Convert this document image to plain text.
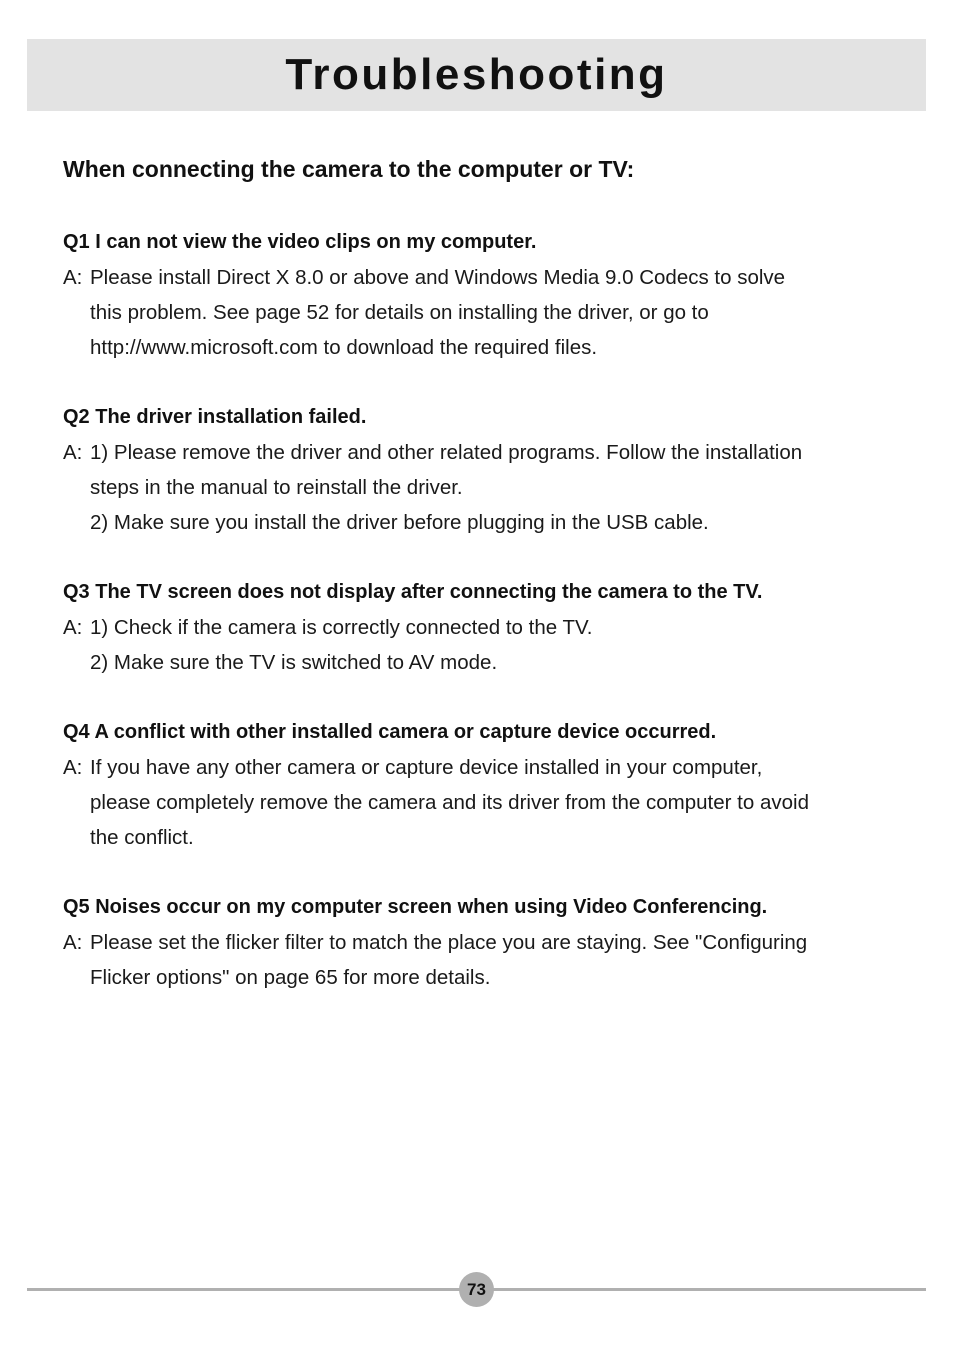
Troubleshooting
When connecting the camera to the computer or TV:

Q1 I can not view the video clips on my computer.

A: Please install Direct X 8.0 or above and Windows Media 9.0 Codecs to solve

this problem. See page 52 for details on installing the driver, or go to

http://www.microsoft.com to download the required files.

Q2 The driver installation failed.

A: 1) Please remove the driver and other related programs. Follow the installation

steps in the manual to reinstall the driver.

2) Make sure you install the driver before plugging in the USB cable.

Q3 The TV screen does not display after connecting the camera to the TV.

A: 1) Check if the camera is correctly connected to the TV.

2) Make sure the TV is switched to AV mode.

Q4 A conflict with other installed camera or capture device occurred.

A: If you have any other camera or capture device installed in your computer,

please completely remove the camera and its driver from the computer to avoid

the conflict.

Q5 Noises occur on my computer screen when using Video Conferencing.

A: Please set the flicker filter to match the place you are staying. See "Configuring

Flicker options" on page 65 for more details.

73
